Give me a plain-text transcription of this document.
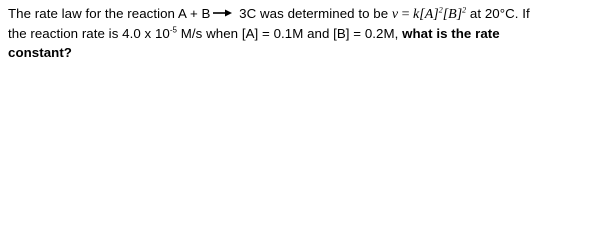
The rate law for the reaction A + B 3C was determined to be $v = k[A]^2[B]^2$ at 20°C. If
the reaction rate is 4.0 x $10^{-5}$ M/s when [A] = 0.1M and [B] = 0.2M, what is the rate
constant?
